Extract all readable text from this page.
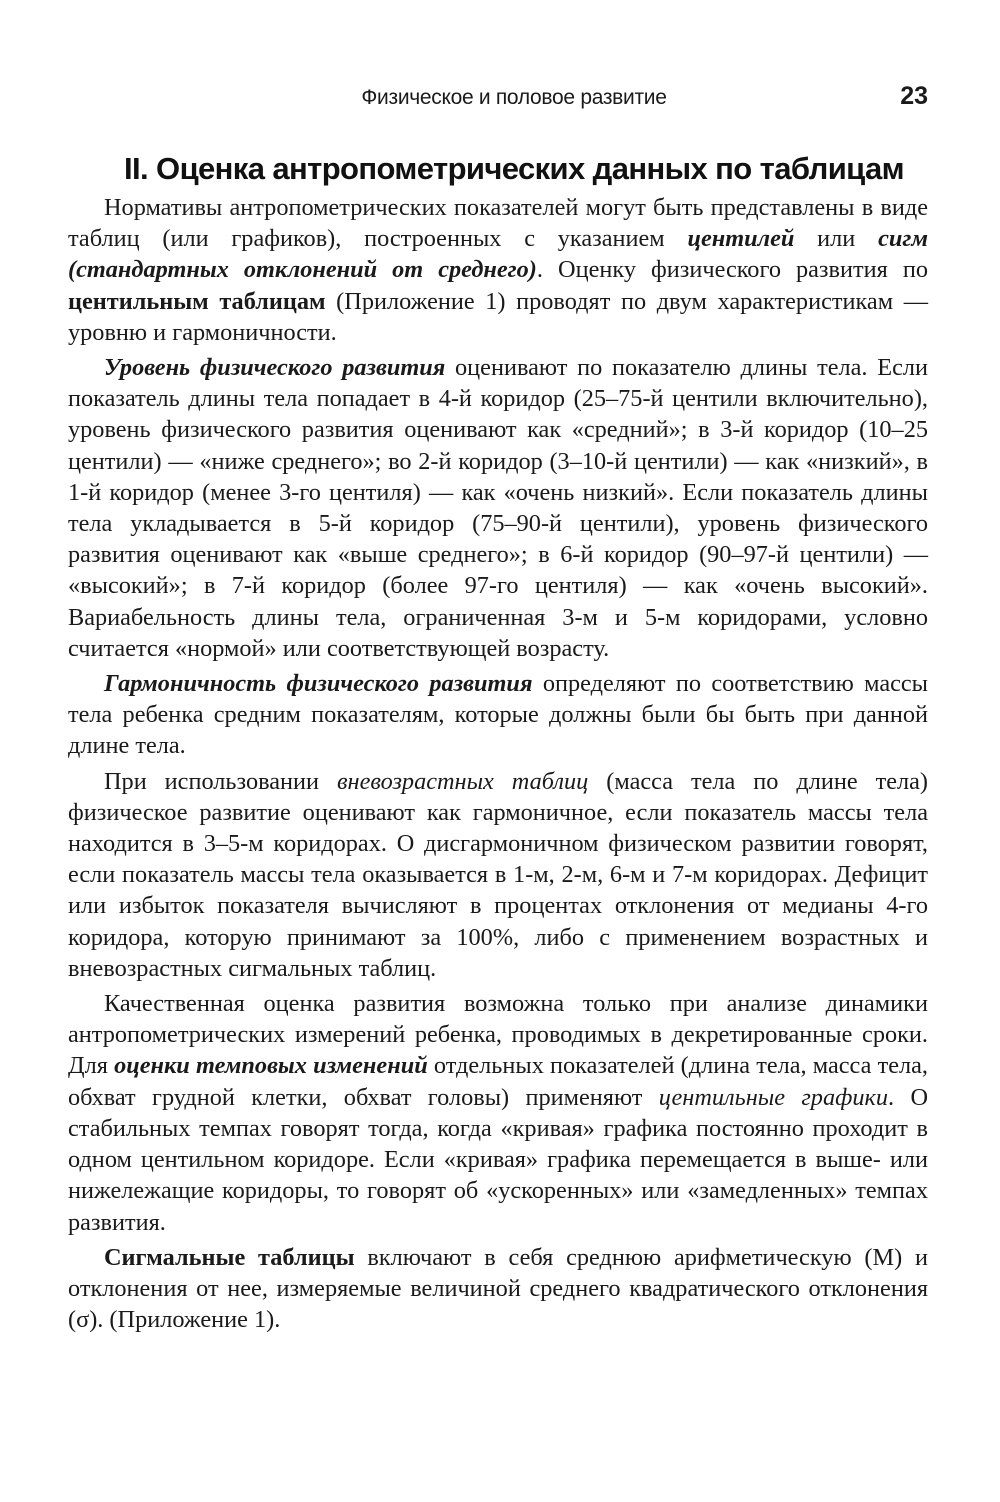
Физическое и половое развитие	23
II. Оценка антропометрических данных по таблицам

Нормативы антропометрических показателей могут быть представлены в виде таблиц (или графиков), построенных с указанием центилей или сигм (стандартных отклонений от среднего). Оценку физического развития по центильным таблицам (Приложение 1) проводят по двум характеристикам — уровню и гармоничности.

Уровень физического развития оценивают по показателю длины тела. Если показатель длины тела попадает в 4-й коридор (25–75-й центили включительно), уровень физического развития оценивают как «средний»; в 3-й коридор (10–25 центили) — «ниже среднего»; во 2-й коридор (3–10-й центили) — как «низкий», в 1-й коридор (менее 3-го центиля) — как «очень низкий». Если показатель длины тела укладывается в 5-й коридор (75–90-й центили), уровень физического развития оценивают как «выше среднего»; в 6-й коридор (90–97-й центили) — «высокий»; в 7-й коридор (более 97-го центиля) — как «очень высокий». Вариабельность длины тела, ограниченная 3-м и 5-м коридорами, условно считается «нормой» или соответствующей возрасту.

Гармоничность физического развития определяют по соответствию массы тела ребенка средним показателям, которые должны были бы быть при данной длине тела.

При использовании вневозрастных таблиц (масса тела по длине тела) физическое развитие оценивают как гармоничное, если показатель массы тела находится в 3–5-м коридорах. О дисгармоничном физическом развитии говорят, если показатель массы тела оказывается в 1-м, 2-м, 6-м и 7-м коридорах. Дефицит или избыток показателя вычисляют в процентах отклонения от медианы 4-го коридора, которую принимают за 100%, либо с применением возрастных и вневозрастных сигмальных таблиц.

Качественная оценка развития возможна только при анализе динамики антропометрических измерений ребенка, проводимых в декретированные сроки. Для оценки темповых изменений отдельных показателей (длина тела, масса тела, обхват грудной клетки, обхват головы) применяют центильные графики. О стабильных темпах говорят тогда, когда «кривая» графика постоянно проходит в одном центильном коридоре. Если «кривая» графика перемещается в выше- или нижележащие коридоры, то говорят об «ускоренных» или «замедленных» темпах развития.

Сигмальные таблицы включают в себя среднюю арифметическую (М) и отклонения от нее, измеряемые величиной среднего квадратического отклонения (σ). (Приложение 1).
